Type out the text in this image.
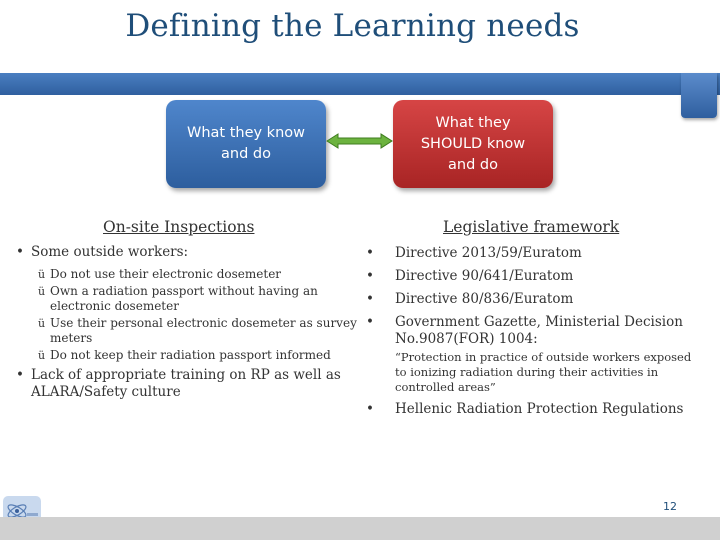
Defining the Learning needs
What they know
and do
What they
SHOULD know
and do
On-site Inspections	Legislative framework
• Some outside workers:
ü Do not use their electronic dosemeter
ü Own a radiation passport without having an electronic dosemeter
ü Use their personal electronic dosemeter as survey meters
ü Do not keep their radiation passport informed
• Lack of appropriate training on RP as well as ALARA/Safety culture
• Directive 2013/59/Euratom
• Directive 90/641/Euratom
• Directive 80/836/Euratom
• Government Gazette, Ministerial Decision No.9087(FOR) 1004:
“Protection in practice of outside workers exposed to ionizing radiation during their activities in controlled areas”
• Hellenic Radiation Protection Regulations
12
